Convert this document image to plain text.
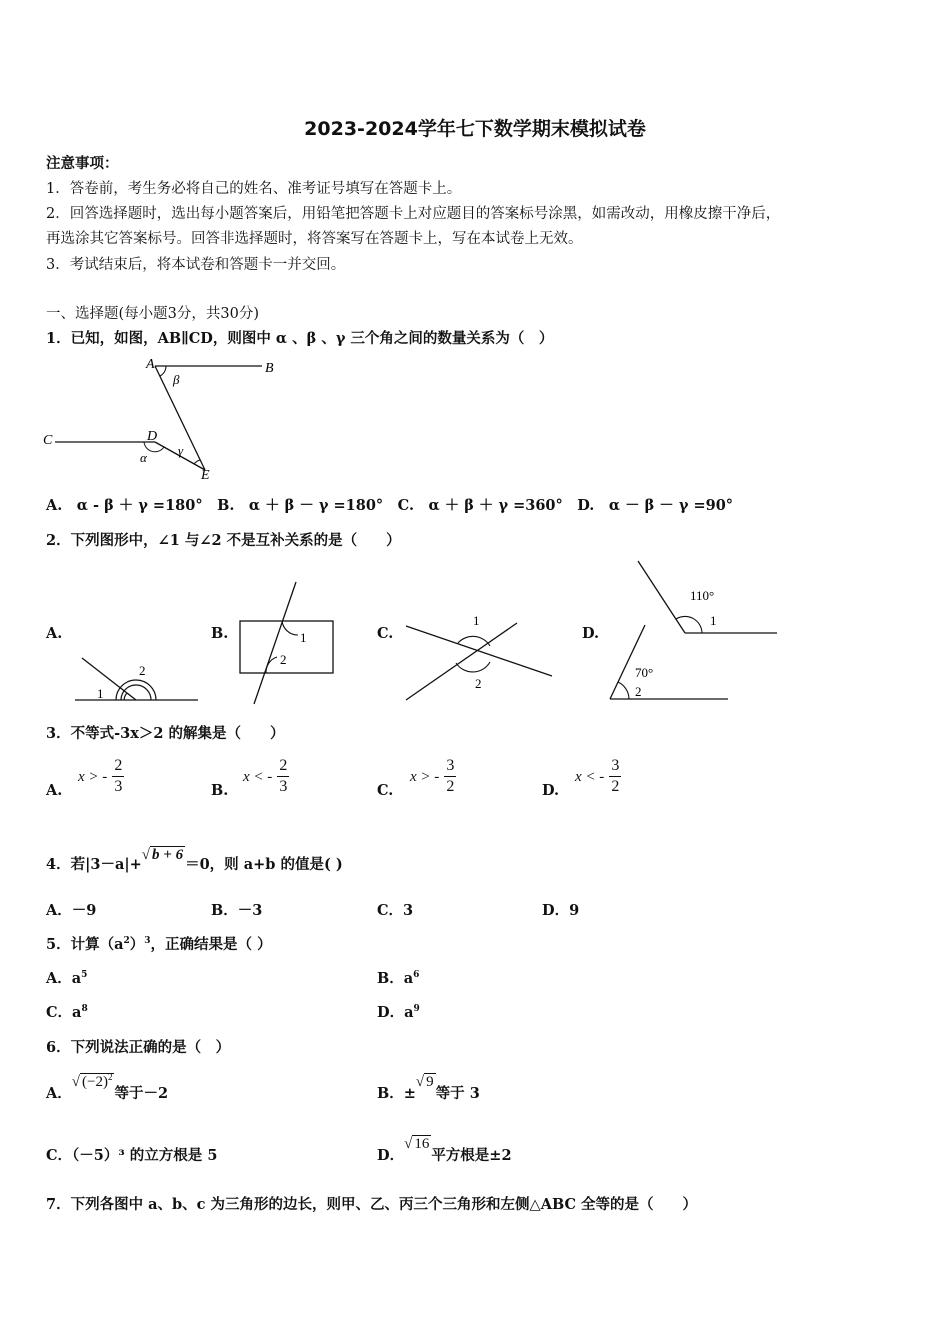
2023-2024学年七下数学期末模拟试卷
注意事项：
1．答卷前，考生务必将自己的姓名、准考证号填写在答题卡上。
2．回答选择题时，选出每小题答案后，用铅笔把答题卡上对应题目的答案标号涂黑，如需改动，用橡皮擦干净后，
再选涂其它答案标号。回答非选择题时，将答案写在答题卡上，写在本试卷上无效。
3．考试结束后，将本试卷和答题卡一并交回。
一、选择题(每小题3分，共30分)
1．已知，如图，AB∥CD，则图中 α 、β 、γ 三个角之间的数量关系为（　）
A	B
C	D
E
β
α γ
A.　α - β ＋ γ =180°　B.　α ＋ β － γ =180°　C.　α ＋ β ＋ γ =360°　D.　α － β － γ =90°
2．下列图形中，∠1 与∠2 不是互补关系的是（　　）
A.	B.	C.	D.
1
2
1
2
1
2
110°
1
70°
2
3．不等式-3x＞2 的解集是（　　）
A.	B.	C.	D.
x > - $\frac{2}{3}$	x < - $\frac{2}{3}$	x > - $\frac{3}{2}$	x < - $\frac{3}{2}$
4．若|3－a|+√ b + 6＝0，则 a+b 的值是( )
A．－9	B．－3	C．3	D．9
5．计算$(a^2)^3$，正确结果是（ ）
A．$a^5$	B．$a^6$
C．$a^8$	D．$a^9$
6．下列说法正确的是（　）
A．√ $(-2)^2$等于－2	B．±√ 9等于 3
C．（－5）³ 的立方根是 5	D．√ 16平方根是±2
7．下列各图中 a、b、c 为三角形的边长，则甲、乙、丙三个三角形和左侧△ABC 全等的是（　　）
